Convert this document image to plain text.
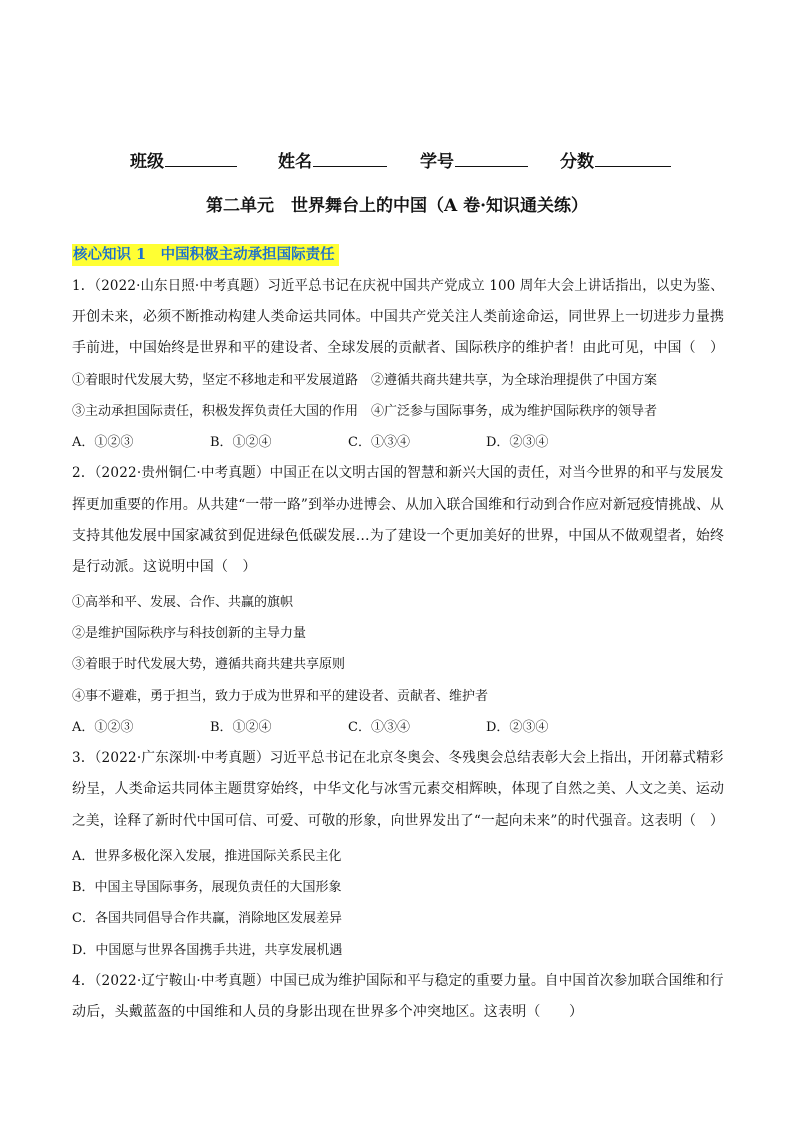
班级	姓名	学号	分数
第二单元　世界舞台上的中国（A 卷·知识通关练）
核心知识 1　中国积极主动承担国际责任
1．（2022·山东日照·中考真题）习近平总书记在庆祝中国共产党成立 100 周年大会上讲话指出，以史为鉴、
开创未来，必须不断推动构建人类命运共同体。中国共产党关注人类前途命运，同世界上一切进步力量携
手前进，中国始终是世界和平的建设者、全球发展的贡献者、国际秩序的维护者！由此可见，中国（　）
①着眼时代发展大势，坚定不移地走和平发展道路　②遵循共商共建共享，为全球治理提供了中国方案
③主动承担国际责任，积极发挥负责任大国的作用　④广泛参与国际事务，成为维护国际秩序的领导者
A．①②③	B．①②④	C．①③④	D．②③④
2．（2022·贵州铜仁·中考真题）中国正在以文明古国的智慧和新兴大国的责任，对当今世界的和平与发展发
挥更加重要的作用。从共建“一带一路”到举办进博会、从加入联合国维和行动到合作应对新冠疫情挑战、从
支持其他发展中国家减贫到促进绿色低碳发展…为了建设一个更加美好的世界，中国从不做观望者，始终
是行动派。这说明中国（　）
①高举和平、发展、合作、共赢的旗帜
②是维护国际秩序与科技创新的主导力量
③着眼于时代发展大势，遵循共商共建共享原则
④事不避难，勇于担当，致力于成为世界和平的建设者、贡献者、维护者
A．①②③	B．①②④	C．①③④	D．②③④
3．（2022·广东深圳·中考真题）习近平总书记在北京冬奥会、冬残奥会总结表彰大会上指出，开闭幕式精彩
纷呈，人类命运共同体主题贯穿始终，中华文化与冰雪元素交相辉映，体现了自然之美、人文之美、运动
之美，诠释了新时代中国可信、可爱、可敬的形象，向世界发出了“一起向未来”的时代强音。这表明（　）
A．世界多极化深入发展，推进国际关系民主化
B．中国主导国际事务，展现负责任的大国形象
C．各国共同倡导合作共赢，消除地区发展差异
D．中国愿与世界各国携手共进，共享发展机遇
4．（2022·辽宁鞍山·中考真题）中国已成为维护国际和平与稳定的重要力量。自中国首次参加联合国维和行
动后，头戴蓝盔的中国维和人员的身影出现在世界多个冲突地区。这表明（　　）
